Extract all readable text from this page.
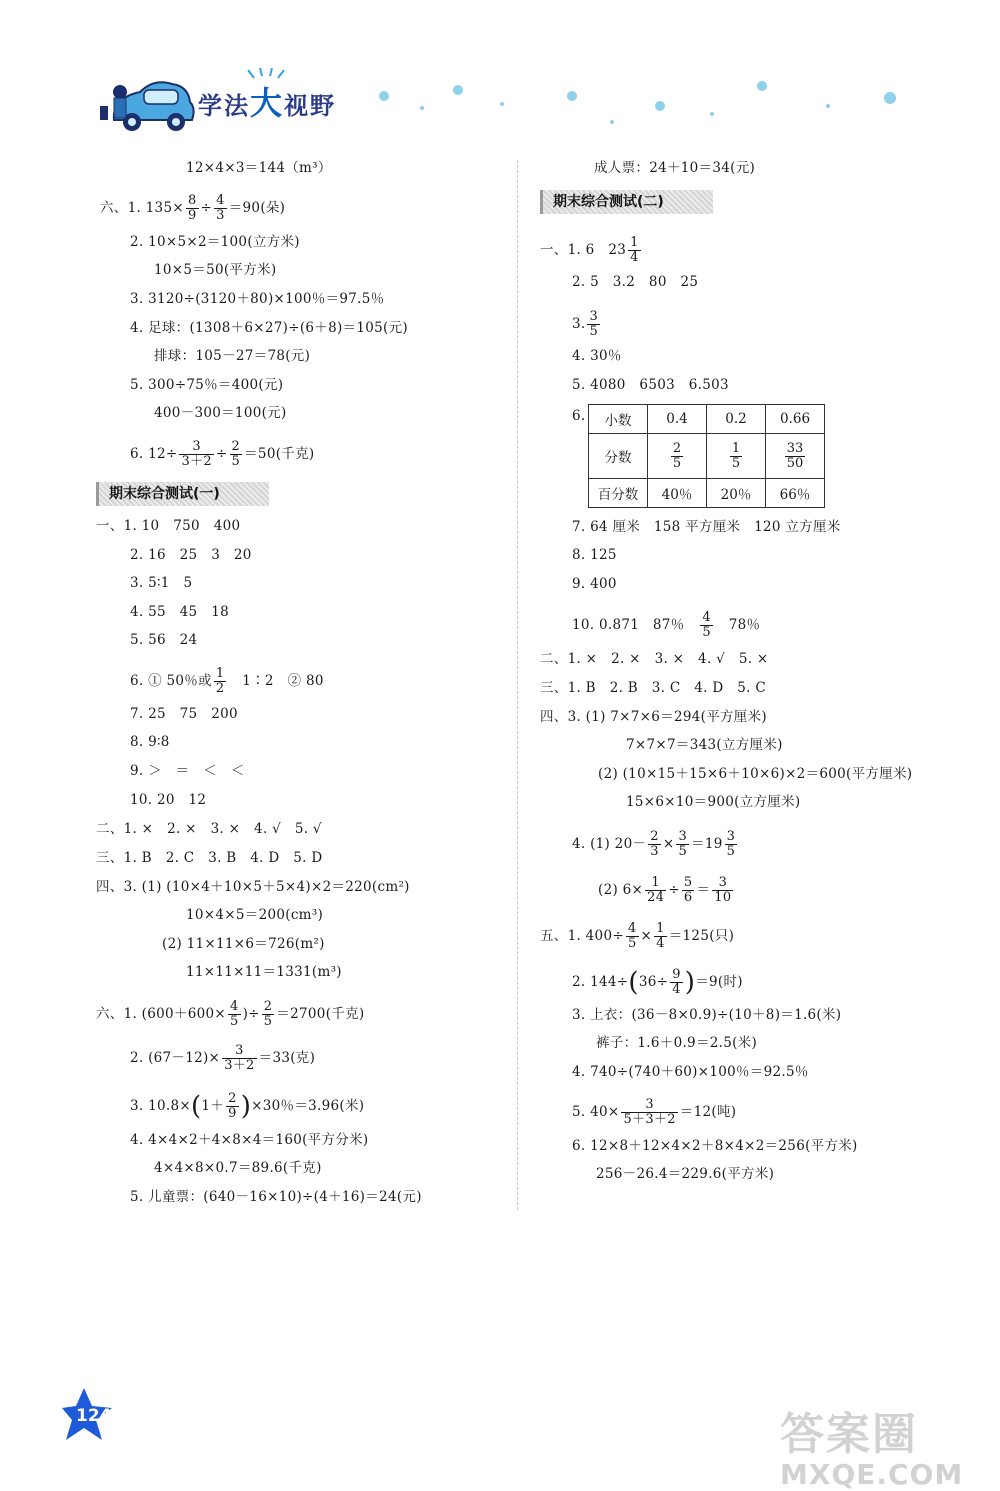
学法大视野
12×4×3＝144（m³）
六、1. $135\times \frac{8}{9} \div \frac{4}{3} =90$(朵)
2. 10×5×2＝100(立方米)
10×5＝50(平方米)
3. 3120÷(3120＋80)×100％＝97.5％
4. 足球：(1308＋6×27)÷(6＋8)＝105(元)
排球：105－27＝78(元)
5. 300÷75％＝400(元)
400－300＝100(元)
6. $12\div \frac{3}{3+2} \div \frac{2}{5} =50$(千克)
期末综合测试(一)
一、1. 10　750　400
2. 16　25　3　20
3. 5∶1　5
4. 55　45　18
5. 56　24
6. ① 50％或 $\frac{1}{2}$ 　1∶2　② 80
7. 25　75　200
8. 9∶8
9. ＞　＝　＜　＜
10. 20　12
二、1. ×　2. ×　3. ×　4. √　5. √
三、1. B　2. C　3. B　4. D　5. D
四、3. (1) (10×4＋10×5＋5×4)×2＝220(cm²)
10×4×5＝200(cm³)
(2) 11×11×6＝726(m²)
11×11×11＝1331(m³)
六、1. ($600+600\times \frac{4}{5}$ )÷ $\frac{2}{5} =2700$(千克)
2. $(67-12)\times \frac{3}{3+2} =33$(克)
3. $10.8\times(1+ \frac{2}{9} )\times 30$％＝3.96(米)
4. 4×4×2＋4×8×4＝160(平方分米)
4×4×8×0.7＝89.6(千克)
5. 儿童票：(640－16×10)÷(4＋16)＝24(元)
成人票：24＋10＝34(元)
期末综合测试(二)
一、1. 6　$23 \frac{1}{4}$
2. 5　3.2　80　25
3. $\frac{3}{5}$
4. 30％
5. 4080　6503　6.503
6. 小数	0.4	0.2	0.66
分数	$\frac{2}{5}$	$\frac{1}{5}$	$\frac{33}{50}$

百分数	40％	20％	66％
7. 64 厘米　158 平方厘米　120 立方厘米
8. 125
9. 400
10. 0.871　87％　 $\frac{4}{5}$
　 78％
二、1. ×　2. ×　3. ×　4. √　5. ×
三、1. B　2. B　3. C　4. D　5. C
四、3. (1) 7×7×6＝294(平方厘米)
7×7×7＝343(立方厘米)
(2) (10×15＋15×6＋10×6)×2＝600(平方厘米)
15×6×10＝900(立方厘米)
4. (1) $20- \frac{2}{3} \times \frac{3}{5} =19 \frac{3}{5}$
(2) $6\times \frac{1}{24} \div \frac{5}{6} = \frac{3}{10}$
五、1. $400\div \frac{4}{5} \times \frac{1}{4} =125$(只)
2. $144\div(36\div \frac{9}{4} )=9$(时)
3. 上衣：(36－8×0.9)÷(10＋8)＝1.6(米)
裤子：1.6＋0.9＝2.5(米)
4. 740÷(740＋60)×100％＝92.5％
5. $40\times \frac{3}{5+3+2} =12$(吨)
6. 12×8＋12×4×2＋8×4×2＝256(平方米)
256－26.4＝229.6(平方米)
124	答案圈
MXQE.COM
